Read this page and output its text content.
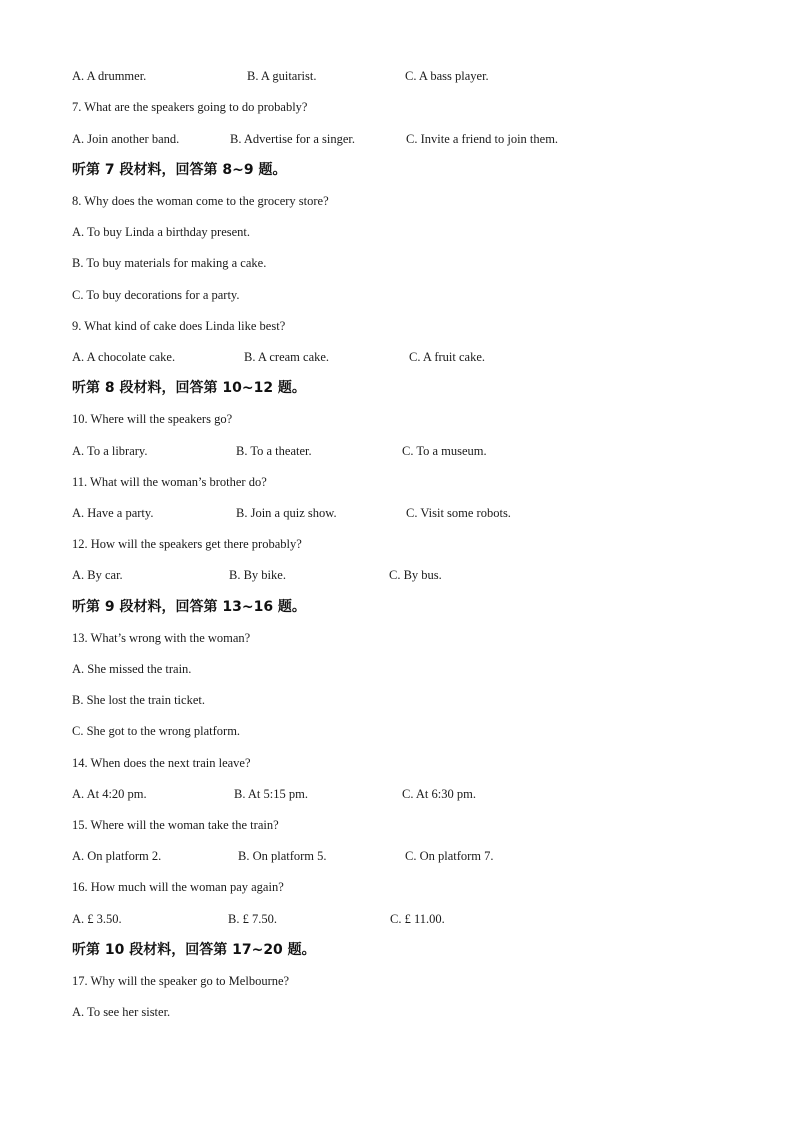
A. A drummer.	B. A guitarist.	C. A bass player.
7. What are the speakers going to do probably?
A. Join another band.	B. Advertise for a singer.	C. Invite a friend to join them.
听第 7 段材料，回答第 8~9 题。
8. Why does the woman come to the grocery store?
A. To buy Linda a birthday present.
B. To buy materials for making a cake.
C. To buy decorations for a party.
9. What kind of cake does Linda like best?
A. A chocolate cake.	B. A cream cake.	C. A fruit cake.
听第 8 段材料，回答第 10~12 题。
10. Where will the speakers go?
A. To a library.	B. To a theater.	C. To a museum.
11. What will the woman’s brother do?
A. Have a party.	B. Join a quiz show.	C. Visit some robots.
12. How will the speakers get there probably?
A. By car.	B. By bike.	C. By bus.
听第 9 段材料，回答第 13~16 题。
13. What’s wrong with the woman?
A. She missed the train.
B. She lost the train ticket.
C. She got to the wrong platform.
14. When does the next train leave?
A. At 4:20 pm.	B. At 5:15 pm.	C. At 6:30 pm.
15. Where will the woman take the train?
A. On platform 2.	B. On platform 5.	C. On platform 7.
16. How much will the woman pay again?
A. £ 3.50.	B. £ 7.50.	C. £ 11.00.
听第 10 段材料，回答第 17~20 题。
17. Why will the speaker go to Melbourne?
A. To see her sister.
